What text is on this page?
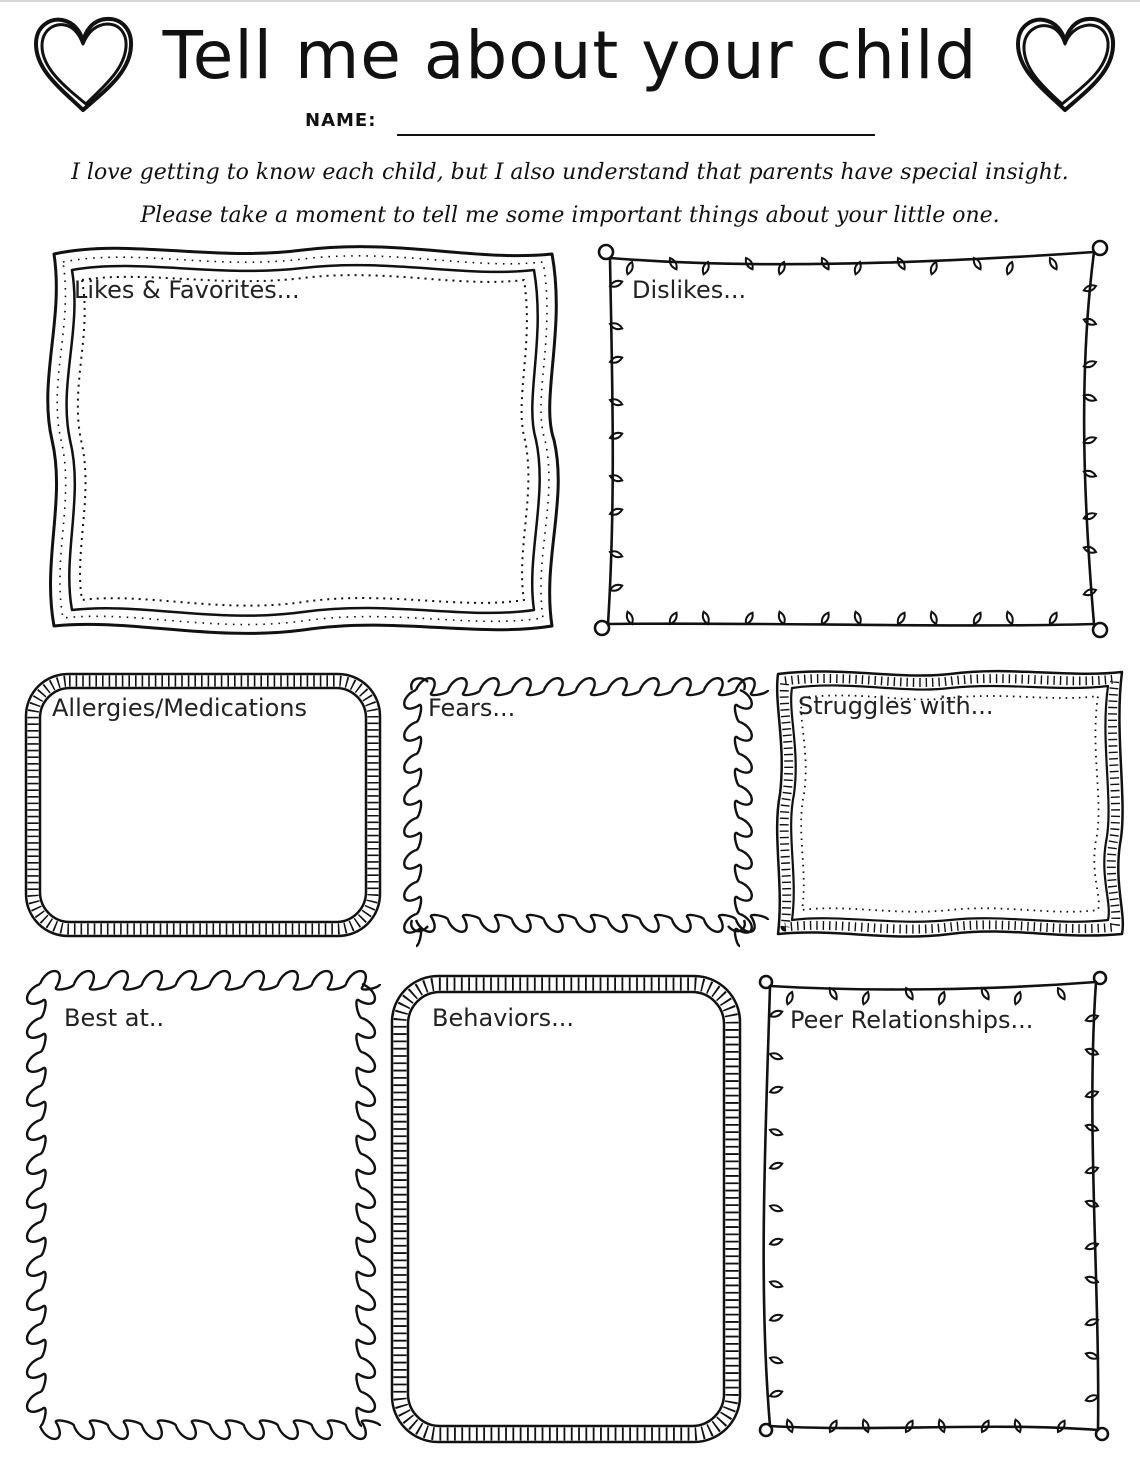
Tell me about your child
NAME:
I love getting to know each child, but I also understand that parents have special insight.
Please take a moment to tell me some important things about your little one.
Likes & Favorites...	Dislikes...
Allergies/Medications	Fears...	Struggles with...
Best at..	Behaviors...	Peer Relationships...
